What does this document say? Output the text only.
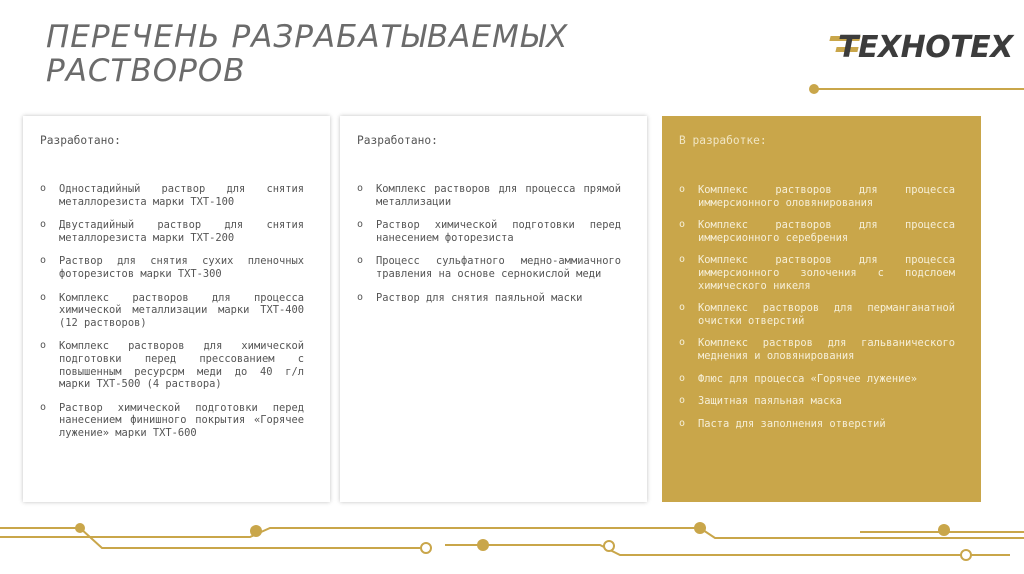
ПЕРЕЧЕНЬ РАЗРАБАТЫВАЕМЫХ РАСТВОРОВ
ТЕХНОТЕХ
Разработано:
o Одностадийный раствор для снятия металлорезиста марки ТХТ-100
o Двустадийный раствор для снятия металлорезиста марки ТХТ-200
o Раствор для снятия сухих пленочных фоторезистов марки ТХТ-300
o Комплекс растворов для процесса химической металлизации марки ТХТ-400 (12 растворов)
o Комплекс растворов для химической подготовки перед прессованием с повышенным ресурсрм меди до 40 г/л марки ТХТ-500 (4 раствора)
o Раствор химической подготовки перед нанесением финишного покрытия «Горячее лужение» марки ТХТ-600
Разработано:
o Комплекс растворов для процесса прямой металлизации
o Раствор химической подготовки перед нанесением фоторезиста
o Процесс сульфатного медно-аммиачного травления на основе сернокислой меди
o Раствор для снятия паяльной маски
В разработке:
o Комплекс растворов для процесса иммерсионного оловянирования
o Комплекс растворов для процесса иммерсионного серебрения
o Комплекс растворов для процесса иммерсионного золочения с подслоем химического никеля
o Комплекс растворов для перманганатной очистки отверстий
o Комплекс раствров для гальванического меднения и оловянирования
o Флюс для процесса «Горячее лужение»
o Защитная паяльная маска
o Паста для заполнения отверстий
